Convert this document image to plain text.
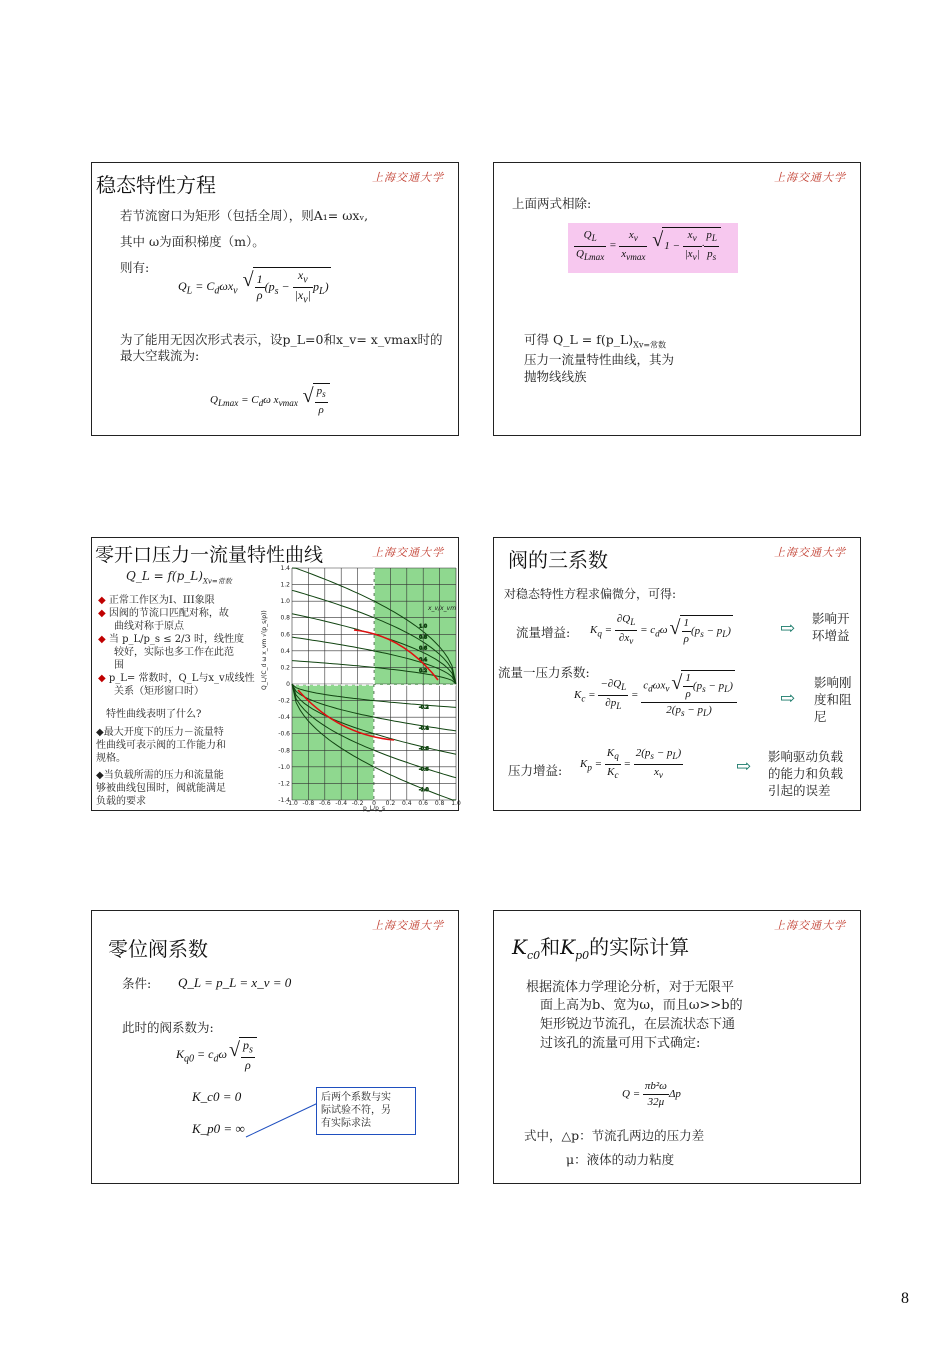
上海交通大学
稳态特性方程
若节流窗口为矩形（包括全周），则A₁= ωxᵥ,
其中 ω为面积梯度（m）。
则有:
$Q_L = C_d\omega x_v$
√ $\frac{1}{\rho} (p_s - \frac{x_v}{|x_v|} p_L)$
为了能用无因次形式表示，设p_L=0和x_v= x_vmax时的
最大空载流为:
$Q_{Lmax} = C_d\omega$ $x_{vmax}$
√ $\frac{p_s}{\rho}$
上海交通大学
上面两式相除:
$\frac{Q_L}{Q_{Lmax}} = \frac{x_v}{x_{vmax}}$
√ $1 - \frac{x_v}{|x_v|} \cdot \frac{p_L}{p_s}$
可得 Q_L = $f(p\_L)_{Xv=常数}$
压力一流量特性曲线，其为
抛物线线族
上海交通大学
零开口压力一流量特性曲线
Q_L = $f(p\_L)_{Xv=常数}$
◆ 正常工作区为I、III象限
◆ 因阀的节流口匹配对称，故
曲线对称于原点
◆ 当 p_L/p_s ≤ 2/3 时，线性度
较好，实际也多工作在此范
围
◆ p_L= 常数时，Q_L与x_v成线性
关系（矩形窗口时）
特性曲线表明了什么?
◆最大开度下的压力－流量特
性曲线可表示阀的工作能力和
规格。
◆当负载所需的压力和流量能
够被曲线包围时，阀就能满足
负载的要求
1.0
0.8
0.6
0.4
0.2
-0.2
-0.4
-0.6
-0.8
-1.0
1.4
1.2
1.0
0.8
0.6
0.4
0.2
0
-0.2
-0.4
-0.6
-0.8
-1.0
-1.2
-1.4
-1.0 -0.8 -0.6 -0.4 -0.2 0 0.2 0.4 0.6 0.8 1.0
Q_L/(C_d ω x_vm √(p_s/ρ))
p_L/p_s
x_v/x_vm
上海交通大学
阀的三系数
对稳态特性方程求偏微分，可得:
流量增益: $K_q = \frac{\partial Q_L}{\partial x_v} = c_d\omega$
√ $\frac{1}{\rho} (p_s - p_L)$	⇨ 影响开
环增益
流量一压力系数:
$K_c = \frac{-\partial Q_L}{\partial p_L} = c_d\omega x_v$
√ $\frac{1}{\rho} (p_s - p_L)$
$2(p_s - p_L)$ ⇨
影响刚
度和阻
尼
压力增益: $K_p = \frac{K_q}{K_c} = \frac{2(p_s - p_L)}{x_v}$	⇨ 影响驱动负载
的能力和负载
引起的误差
上海交通大学
零位阀系数
条件: Q_L = p_L = x_v = 0
此时的阀系数为:
$K_{q0} = c_d\omega$
√ $\frac{p_s}{\rho}$
K_c0 = 0
K_p0 = ∞
后两个系数与实
际试验不符，另
有实际求法
上海交通大学
$K_{c0}$和$K_{p0}$的实际计算
根据流体力学理论分析，对于无限平
面上高为b、宽为ω，而且ω>>b的
矩形锐边节流孔，在层流状态下通
过该孔的流量可用下式确定:
$Q = \frac{\text{πb²ω}}{32\mu}$ Δp
式中，△p：节流孔两边的压力差
μ：液体的动力粘度
8
